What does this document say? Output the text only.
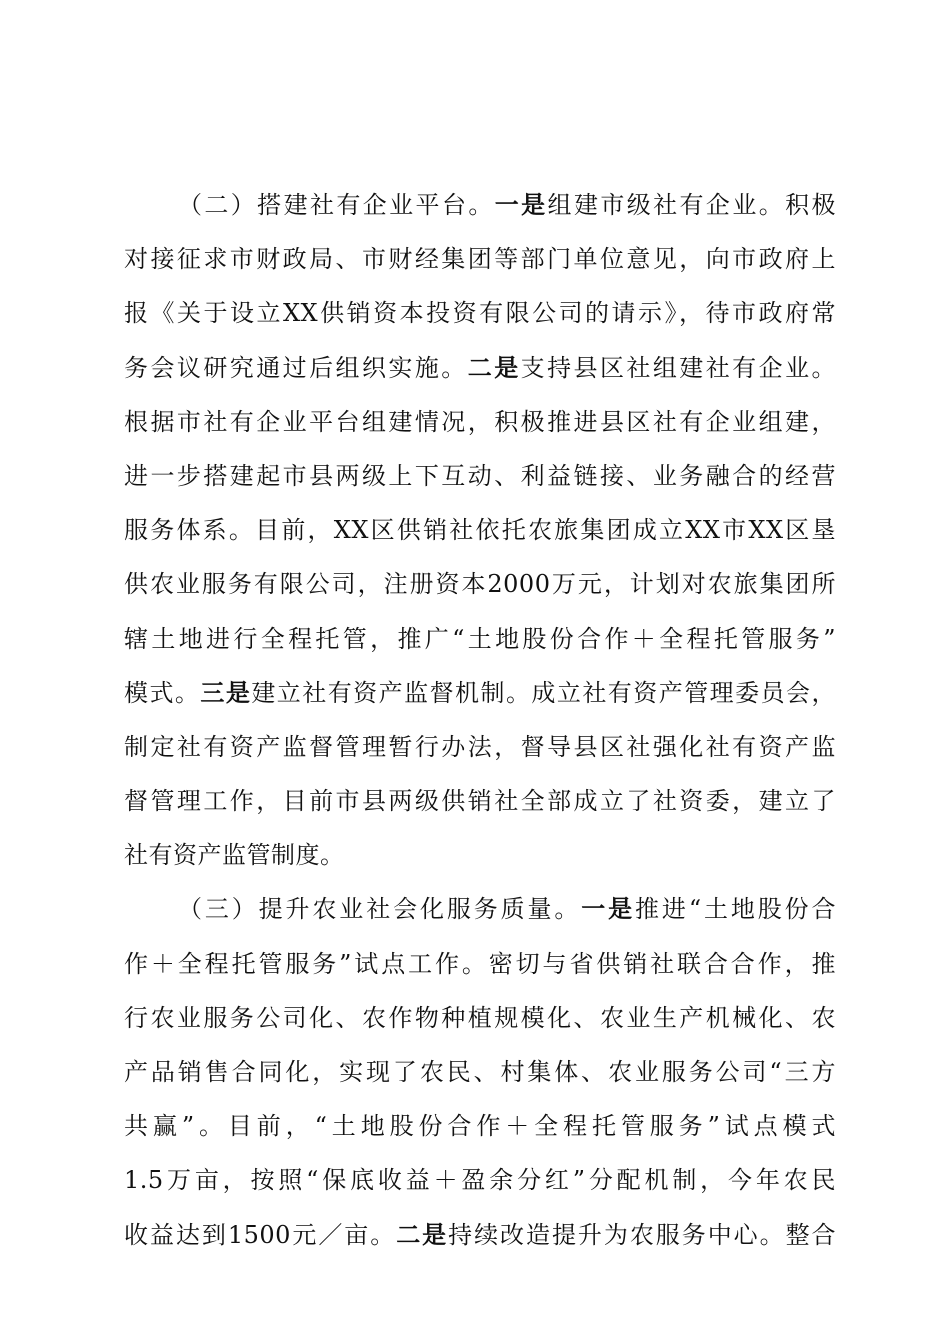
（二）搭建社有企业平台。一是组建市级社有企业。积极
对接征求市财政局、市财经集团等部门单位意见，向市政府上
报《关于设立XX供销资本投资有限公司的请示》，待市政府常
务会议研究通过后组织实施。二是支持县区社组建社有企业。
根据市社有企业平台组建情况，积极推进县区社有企业组建，
进一步搭建起市县两级上下互动、利益链接、业务融合的经营
服务体系。目前，XX区供销社依托农旅集团成立XX市XX区垦
供农业服务有限公司，注册资本2000万元，计划对农旅集团所
辖土地进行全程托管，推广“土地股份合作＋全程托管服务”
模式。三是建立社有资产监督机制。成立社有资产管理委员会，
制定社有资产监督管理暂行办法，督导县区社强化社有资产监
督管理工作，目前市县两级供销社全部成立了社资委，建立了
社有资产监管制度。
（三）提升农业社会化服务质量。一是推进“土地股份合
作＋全程托管服务”试点工作。密切与省供销社联合合作，推
行农业服务公司化、农作物种植规模化、农业生产机械化、农
产品销售合同化，实现了农民、村集体、农业服务公司“三方
共赢”。目前，“土地股份合作＋全程托管服务”试点模式
1.5万亩，按照“保底收益＋盈余分红”分配机制，今年农民
收益达到1500元／亩。二是持续改造提升为农服务中心。整合
